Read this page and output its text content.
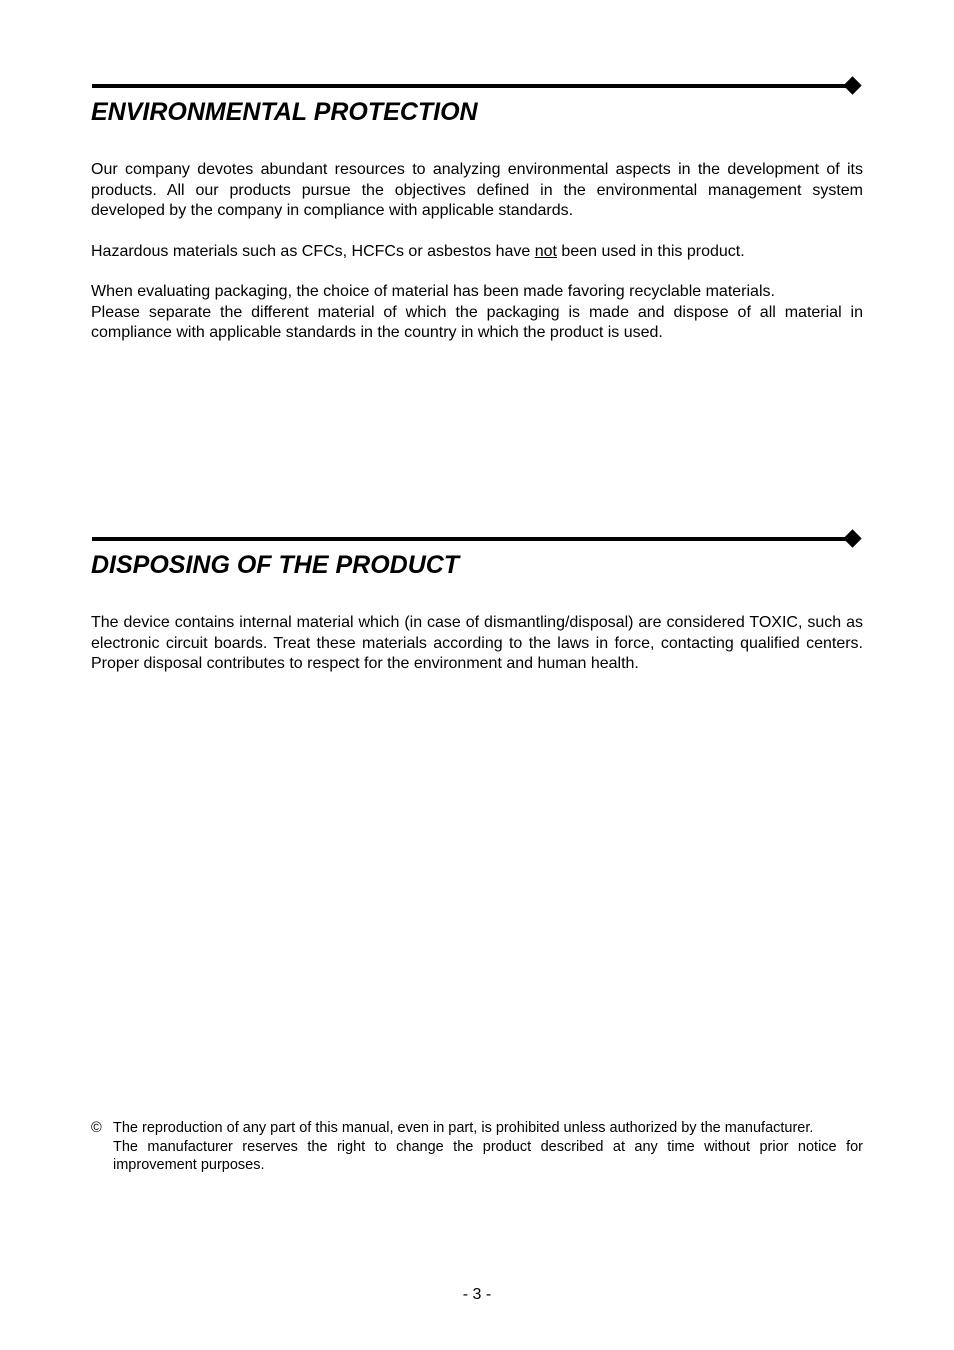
ENVIRONMENTAL PROTECTION

Our company devotes abundant resources to analyzing environmental aspects in the development of its products. All our products pursue the objectives defined in the environmental management system developed by the company in compliance with applicable standards.

Hazardous materials such as CFCs, HCFCs or asbestos have not been used in this product.

When evaluating packaging, the choice of material has been made favoring recyclable materials.

Please separate the different material of which the packaging is made and dispose of all material in compliance with applicable standards in the country in which the product is used.

DISPOSING OF THE PRODUCT

The device contains internal material which (in case of dismantling/disposal) are considered TOXIC, such as electronic circuit boards. Treat these materials according to the laws in force, contacting qualified centers. Proper disposal contributes to respect for the environment and human health.

© The reproduction of any part of this manual, even in part, is prohibited unless authorized by the manufacturer.

The manufacturer reserves the right to change the product described at any time without prior notice for improvement purposes.

- 3 -
